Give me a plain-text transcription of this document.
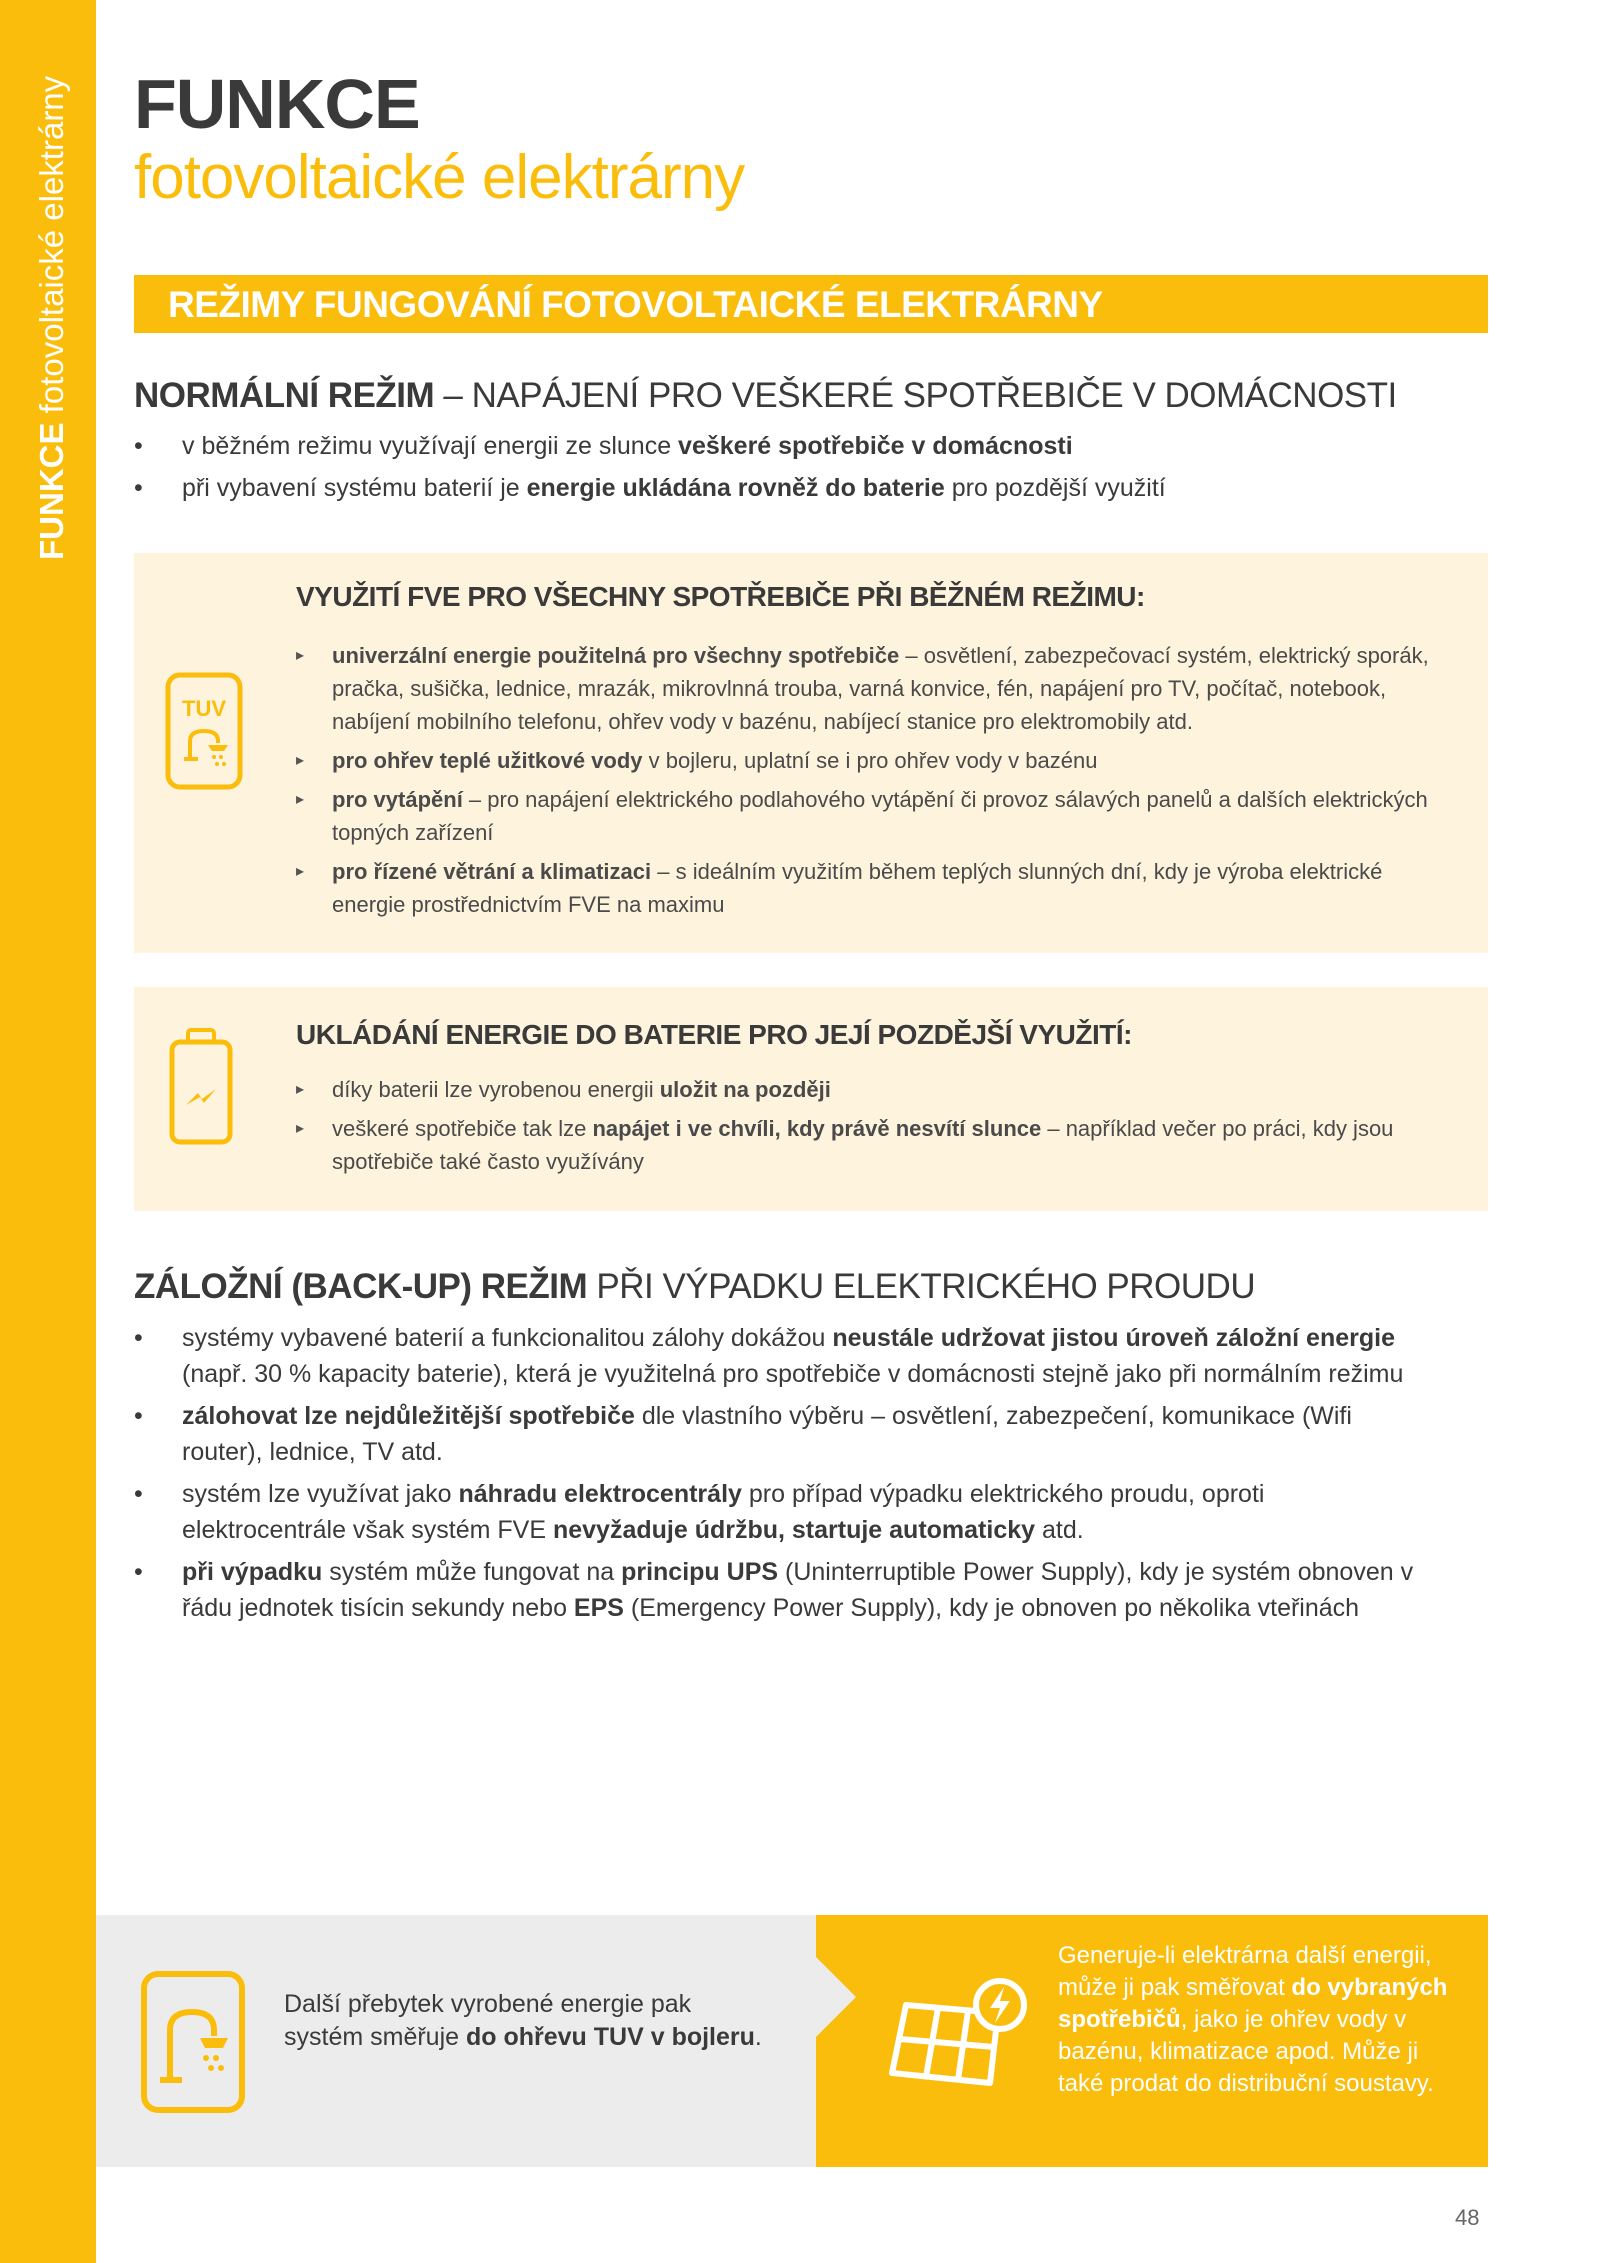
FUNKCE fotovoltaické elektrárny FUNKCE
fotovoltaické elektrárny
REŽIMY FUNGOVÁNÍ FOTOVOLTAICKÉ ELEKTRÁRNY
NORMÁLNÍ REŽIM – NAPÁJENÍ PRO VEŠKERÉ SPOTŘEBIČE V DOMÁCNOSTI
• v běžném režimu využívají energii ze slunce veškeré spotřebiče v domácnosti
• při vybavení systému baterií je energie ukládána rovněž do baterie pro pozdější využití
TUV
VYUŽITÍ FVE PRO VŠECHNY SPOTŘEBIČE PŘI BĚŽNÉM REŽIMU:
▸ univerzální energie použitelná pro všechny spotřebiče – osvětlení, zabezpečovací systém, elektrický sporák, pračka, sušička, lednice, mrazák, mikrovlnná trouba, varná konvice, fén, napájení pro TV, počítač, notebook, nabíjení mobilního telefonu, ohřev vody v bazénu, nabíjecí stanice pro elektromobily atd.
▸ pro ohřev teplé užitkové vody v bojleru, uplatní se i pro ohřev vody v bazénu
▸ pro vytápění – pro napájení elektrického podlahového vytápění či provoz sálavých panelů a dalších elektrických topných zařízení
▸ pro řízené větrání a klimatizaci – s ideálním využitím během teplých slunných dní, kdy je výroba elektrické energie prostřednictvím FVE na maximu
UKLÁDÁNÍ ENERGIE DO BATERIE PRO JEJÍ POZDĚJŠÍ VYUŽITÍ:
▸ díky baterii lze vyrobenou energii uložit na později
▸ veškeré spotřebiče tak lze napájet i ve chvíli, kdy právě nesvítí slunce – například večer po práci, kdy jsou spotřebiče také často využívány
ZÁLOŽNÍ (BACK-UP) REŽIM PŘI VÝPADKU ELEKTRICKÉHO PROUDU
• systémy vybavené baterií a funkcionalitou zálohy dokážou neustále udržovat jistou úroveň záložní energie (např. 30 % kapacity baterie), která je využitelná pro spotřebiče v domácnosti stejně jako při normálním režimu
• zálohovat lze nejdůležitější spotřebiče dle vlastního výběru – osvětlení, zabezpečení, komunikace (Wifi router), lednice, TV atd.
• systém lze využívat jako náhradu elektrocentrály pro případ výpadku elektrického proudu, oproti elektrocentrále však systém FVE nevyžaduje údržbu, startuje automaticky atd.
• při výpadku systém může fungovat na principu UPS (Uninterruptible Power Supply), kdy je systém obnoven v řádu jednotek tisícin sekundy nebo EPS (Emergency Power Supply), kdy je obnoven po několika vteřinách
Další přebytek vyrobené energie pak systém směřuje do ohřevu TUV v bojleru.
Generuje-li elektrárna další energii, může ji pak směřovat do vybraných spotřebičů, jako je ohřev vody v bazénu, klimatizace apod. Může ji také prodat do distribuční soustavy.
48
